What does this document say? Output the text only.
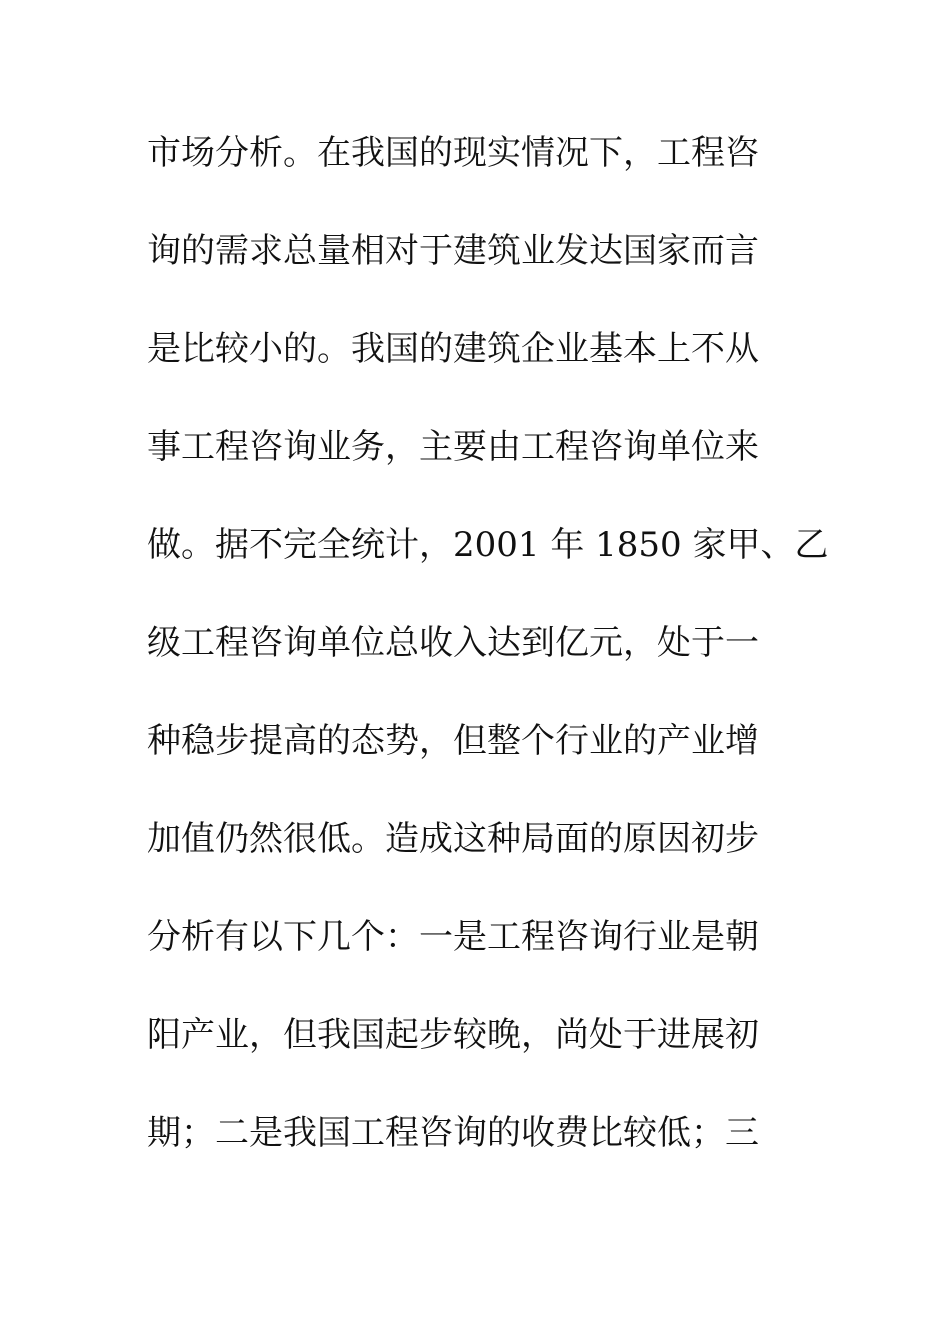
市场分析。在我国的现实情况下，工程咨
询的需求总量相对于建筑业发达国家而言
是比较小的。我国的建筑企业基本上不从
事工程咨询业务，主要由工程咨询单位来
做。据不完全统计，2001 年 1850 家甲、乙
级工程咨询单位总收入达到亿元，处于一
种稳步提高的态势，但整个行业的产业增
加值仍然很低。造成这种局面的原因初步
分析有以下几个：一是工程咨询行业是朝
阳产业，但我国起步较晚，尚处于进展初
期；二是我国工程咨询的收费比较低；三
